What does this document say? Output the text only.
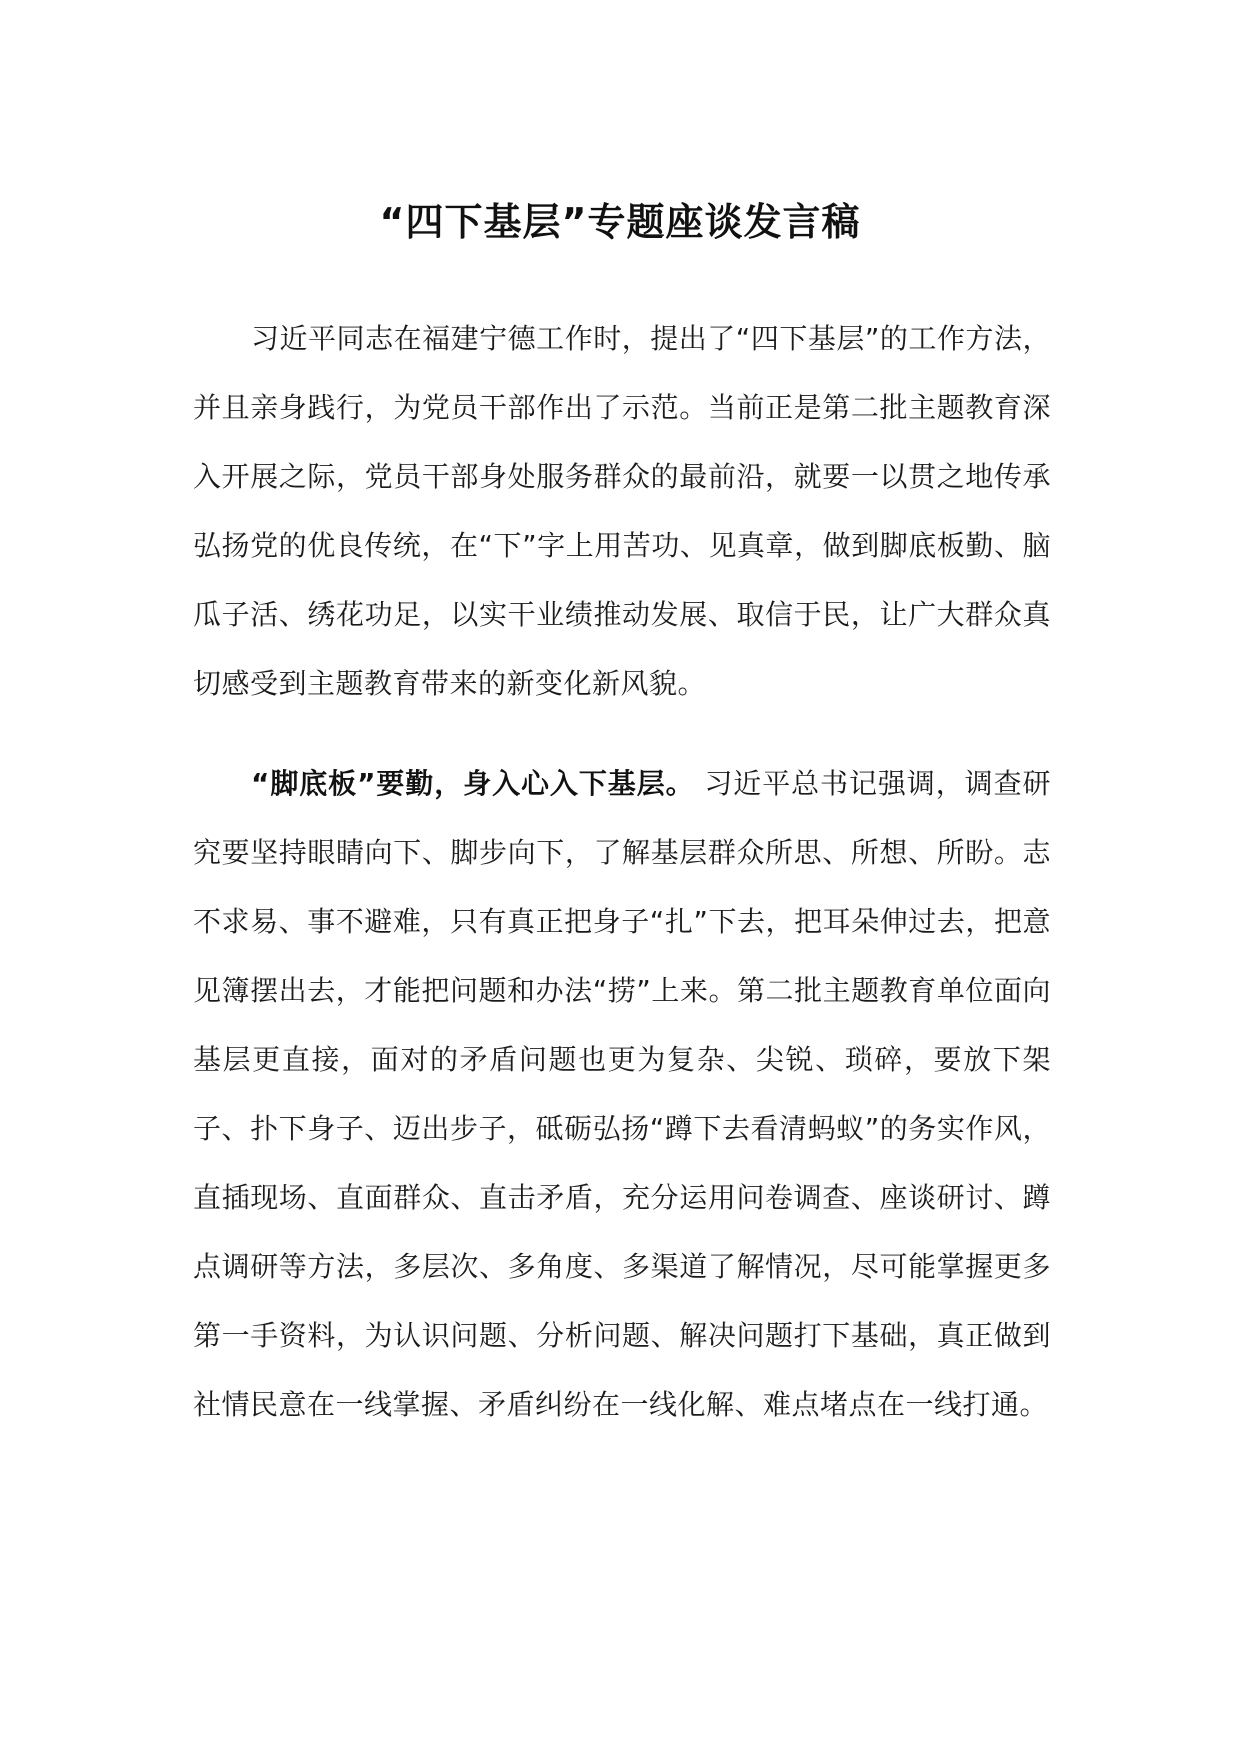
“四下基层”专题座谈发言稿

习近平同志在福建宁德工作时，提出了“四下基层”的工作方法，并且亲身践行，为党员干部作出了示范。当前正是第二批主题教育深入开展之际，党员干部身处服务群众的最前沿，就要一以贯之地传承弘扬党的优良传统，在“下”字上用苦功、见真章，做到脚底板勤、脑瓜子活、绣花功足，以实干业绩推动发展、取信于民，让广大群众真切感受到主题教育带来的新变化新风貌。

“脚底板”要勤，身入心入下基层。 习近平总书记强调，调查研究要坚持眼睛向下、脚步向下，了解基层群众所思、所想、所盼。志不求易、事不避难，只有真正把身子“扎”下去，把耳朵伸过去，把意见簿摆出去，才能把问题和办法“捞”上来。第二批主题教育单位面向基层更直接，面对的矛盾问题也更为复杂、尖锐、琐碎，要放下架子、扑下身子、迈出步子，砥砺弘扬“蹲下去看清蚂蚁”的务实作风，直插现场、直面群众、直击矛盾，充分运用问卷调查、座谈研讨、蹲点调研等方法，多层次、多角度、多渠道了解情况，尽可能掌握更多第一手资料，为认识问题、分析问题、解决问题打下基础，真正做到社情民意在一线掌握、矛盾纠纷在一线化解、难点堵点在一线打通。
